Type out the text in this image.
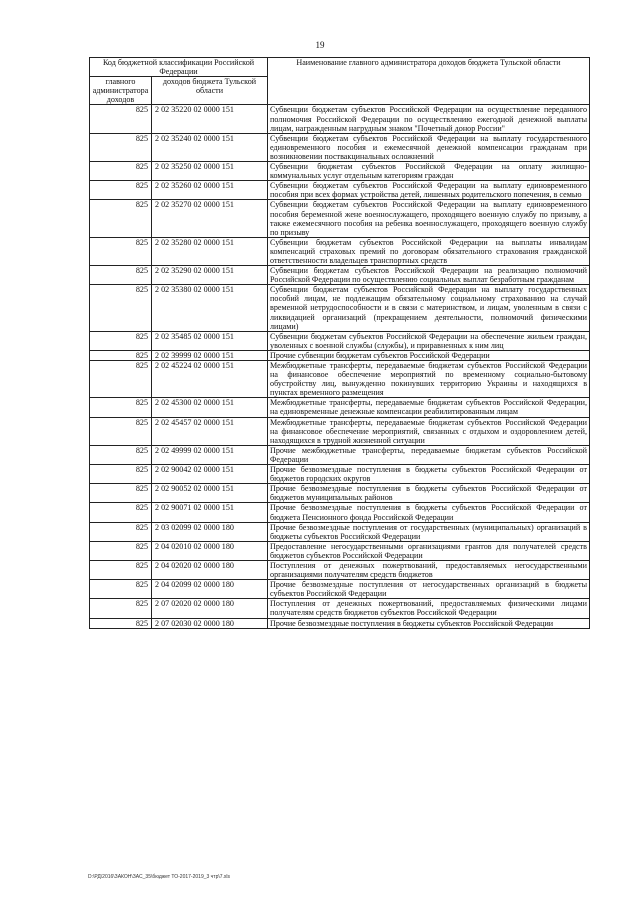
19
Код бюджетной классификации Российской Федерации		Наименование главного администратора доходов бюджета Тульской области
главного администратора доходов	доходов бюджета Тульской области	
825	2 02 35220 02 0000 151	Субвенции бюджетам субъектов Российской Федерации на осуществление переданного полномочия Российской Федерации по осуществлению ежегодной денежной выплаты лицам, награжденным нагрудным знаком "Почетный донор России"
825	2 02 35240 02 0000 151	Субвенции бюджетам субъектов Российской Федерации на выплату государственного единовременного пособия и ежемесячной денежной компенсации гражданам при возникновении поствакцинальных осложнений
825	2 02 35250 02 0000 151	Субвенции бюджетам субъектов Российской Федерации на оплату жилищно-коммунальных услуг отдельным категориям граждан
825	2 02 35260 02 0000 151	Субвенции бюджетам субъектов Российской Федерации на выплату единовременного пособия при всех формах устройства детей, лишенных родительского попечения, в семью
825	2 02 35270 02 0000 151	Субвенции бюджетам субъектов Российской Федерации на выплату единовременного пособия беременной жене военнослужащего, проходящего военную службу по призыву, а также ежемесячного пособия на ребенка военнослужащего, проходящего военную службу по призыву
825	2 02 35280 02 0000 151	Субвенции бюджетам субъектов Российской Федерации на выплаты инвалидам компенсаций страховых премий по договорам обязательного страхования гражданской ответственности владельцев транспортных средств
825	2 02 35290 02 0000 151	Субвенции бюджетам субъектов Российской Федерации на реализацию полномочий Российской Федерации по осуществлению социальных выплат безработным гражданам
825	2 02 35380 02 0000 151	Субвенции бюджетам субъектов Российской Федерации на выплату государственных пособий лицам, не подлежащим обязательному социальному страхованию на случай временной нетрудоспособности и в связи с материнством, и лицам, уволенным в связи с ликвидацией организаций (прекращением деятельности, полномочий физическими лицами)
825	2 02 35485 02 0000 151	Субвенции бюджетам субъектов Российской Федерации на обеспечение жильем граждан, уволенных с военной службы (службы), и приравненных к ним лиц
825	2 02 39999 02 0000 151	Прочие субвенции бюджетам субъектов Российской Федерации
825	2 02 45224 02 0000 151	Межбюджетные трансферты, передаваемые бюджетам субъектов Российской Федерации на финансовое обеспечение мероприятий по временному социально-бытовому обустройству лиц, вынужденно покинувших территорию Украины и находящихся в пунктах временного размещения
825	2 02 45300 02 0000 151	Межбюджетные трансферты, передаваемые бюджетам субъектов Российской Федерации, на единовременные денежные компенсации реабилитированным лицам
825	2 02 45457 02 0000 151	Межбюджетные трансферты, передаваемые бюджетам субъектов Российской Федерации на финансовое обеспечение мероприятий, связанных с отдыхом и оздоровлением детей, находящихся в трудной жизненной ситуации
825	2 02 49999 02 0000 151	Прочие межбюджетные трансферты, передаваемые бюджетам субъектов Российской Федерации
825	2 02 90042 02 0000 151	Прочие безвозмездные поступления в бюджеты субъектов Российской Федерации от бюджетов городских округов
825	2 02 90052 02 0000 151	Прочие безвозмездные поступления в бюджеты субъектов Российской Федерации от бюджетов муниципальных районов
825	2 02 90071 02 0000 151	Прочие безвозмездные поступления в бюджеты субъектов Российской Федерации от бюджета Пенсионного фонда Российской Федерации
825	2 03 02099 02 0000 180	Прочие безвозмездные поступления от государственных (муниципальных) организаций в бюджеты субъектов Российской Федерации
825	2 04 02010 02 0000 180	Предоставление негосударственными организациями грантов для получателей средств бюджетов субъектов Российской Федерации
825	2 04 02020 02 0000 180	Поступления от денежных пожертвований, предоставляемых негосударственными организациями получателям средств бюджетов
825	2 04 02099 02 0000 180	Прочие безвозмездные поступления от негосударственных организаций в бюджеты субъектов Российской Федерации
825	2 07 02020 02 0000 180	Поступления от денежных пожертвований, предоставляемых физическими лицами получателям средств бюджетов субъектов Российской Федерации
825	2 07 02030 02 0000 180	Прочие безвозмездные поступления в бюджеты субъектов Российской Федерации
D:\РД\2016\ЗАКОН\ЗАС_35\бюджет ТО-2017-2019_3 чтр\7.xls
